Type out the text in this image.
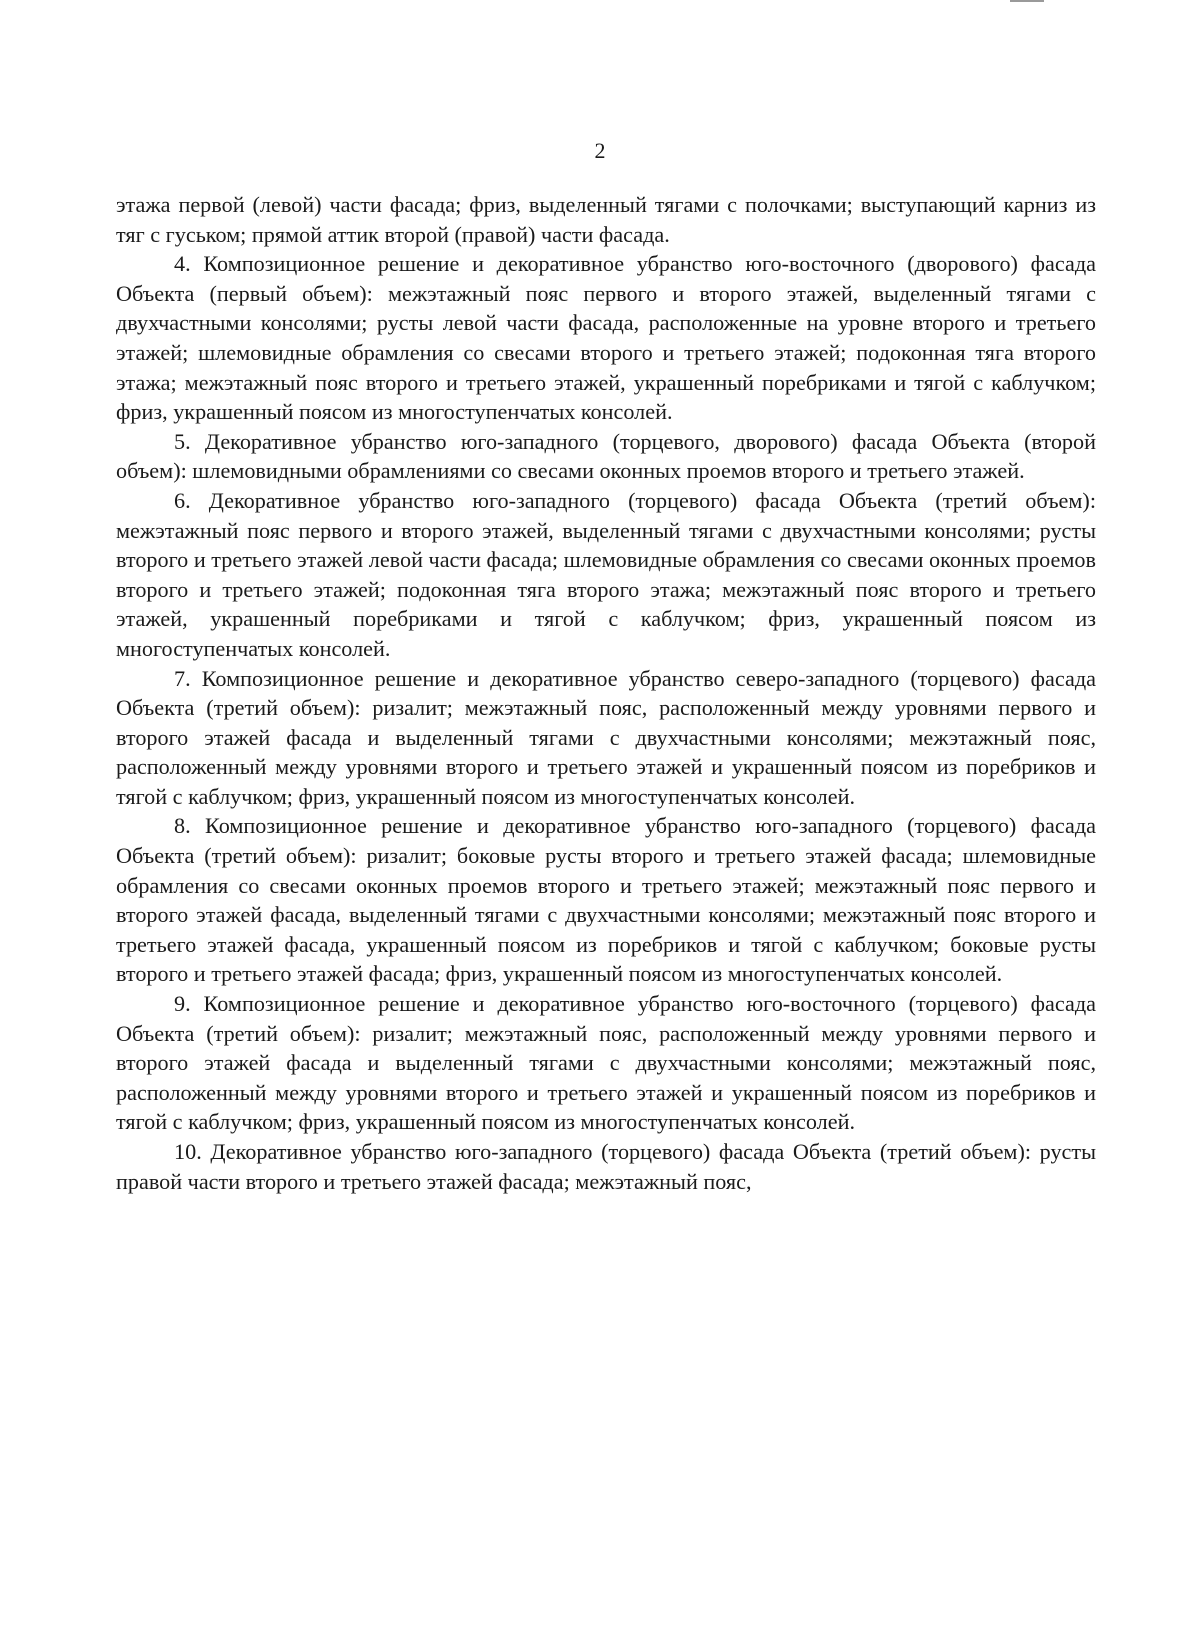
2

этажа первой (левой) части фасада; фриз, выделенный тягами с полочками; выступающий карниз из тяг с гуськом; прямой аттик второй (правой) части фасада.

4. Композиционное решение и декоративное убранство юго-восточного (дворового) фасада Объекта (первый объем): межэтажный пояс первого и второго этажей, выделенный тягами с двухчастными консолями; русты левой части фасада, расположенные на уровне второго и третьего этажей; шлемовидные обрамления со свесами второго и третьего этажей; подоконная тяга второго этажа; межэтажный пояс второго и третьего этажей, украшенный поребриками и тягой с каблучком; фриз, украшенный поясом из многоступенчатых консолей.

5. Декоративное убранство юго-западного (торцевого, дворового) фасада Объекта (второй объем): шлемовидными обрамлениями со свесами оконных проемов второго и третьего этажей.

6. Декоративное убранство юго-западного (торцевого) фасада Объекта (третий объем): межэтажный пояс первого и второго этажей, выделенный тягами с двухчастными консолями; русты второго и третьего этажей левой части фасада; шлемовидные обрамления со свесами оконных проемов второго и третьего этажей; подоконная тяга второго этажа; межэтажный пояс второго и третьего этажей, украшенный поребриками и тягой с каблучком; фриз, украшенный поясом из многоступенчатых консолей.

7. Композиционное решение и декоративное убранство северо-западного (торцевого) фасада Объекта (третий объем): ризалит; межэтажный пояс, расположенный между уровнями первого и второго этажей фасада и выделенный тягами с двухчастными консолями; межэтажный пояс, расположенный между уровнями второго и третьего этажей и украшенный поясом из поребриков и тягой с каблучком; фриз, украшенный поясом из многоступенчатых консолей.

8. Композиционное решение и декоративное убранство юго-западного (торцевого) фасада Объекта (третий объем): ризалит; боковые русты второго и третьего этажей фасада; шлемовидные обрамления со свесами оконных проемов второго и третьего этажей; межэтажный пояс первого и второго этажей фасада, выделенный тягами с двухчастными консолями; межэтажный пояс второго и третьего этажей фасада, украшенный поясом из поребриков и тягой с каблучком; боковые русты второго и третьего этажей фасада; фриз, украшенный поясом из многоступенчатых консолей.

9. Композиционное решение и декоративное убранство юго-восточного (торцевого) фасада Объекта (третий объем): ризалит; межэтажный пояс, расположенный между уровнями первого и второго этажей фасада и выделенный тягами с двухчастными консолями; межэтажный пояс, расположенный между уровнями второго и третьего этажей и украшенный поясом из поребриков и тягой с каблучком; фриз, украшенный поясом из многоступенчатых консолей.

10. Декоративное убранство юго-западного (торцевого) фасада Объекта (третий объем): русты правой части второго и третьего этажей фасада; межэтажный пояс,
